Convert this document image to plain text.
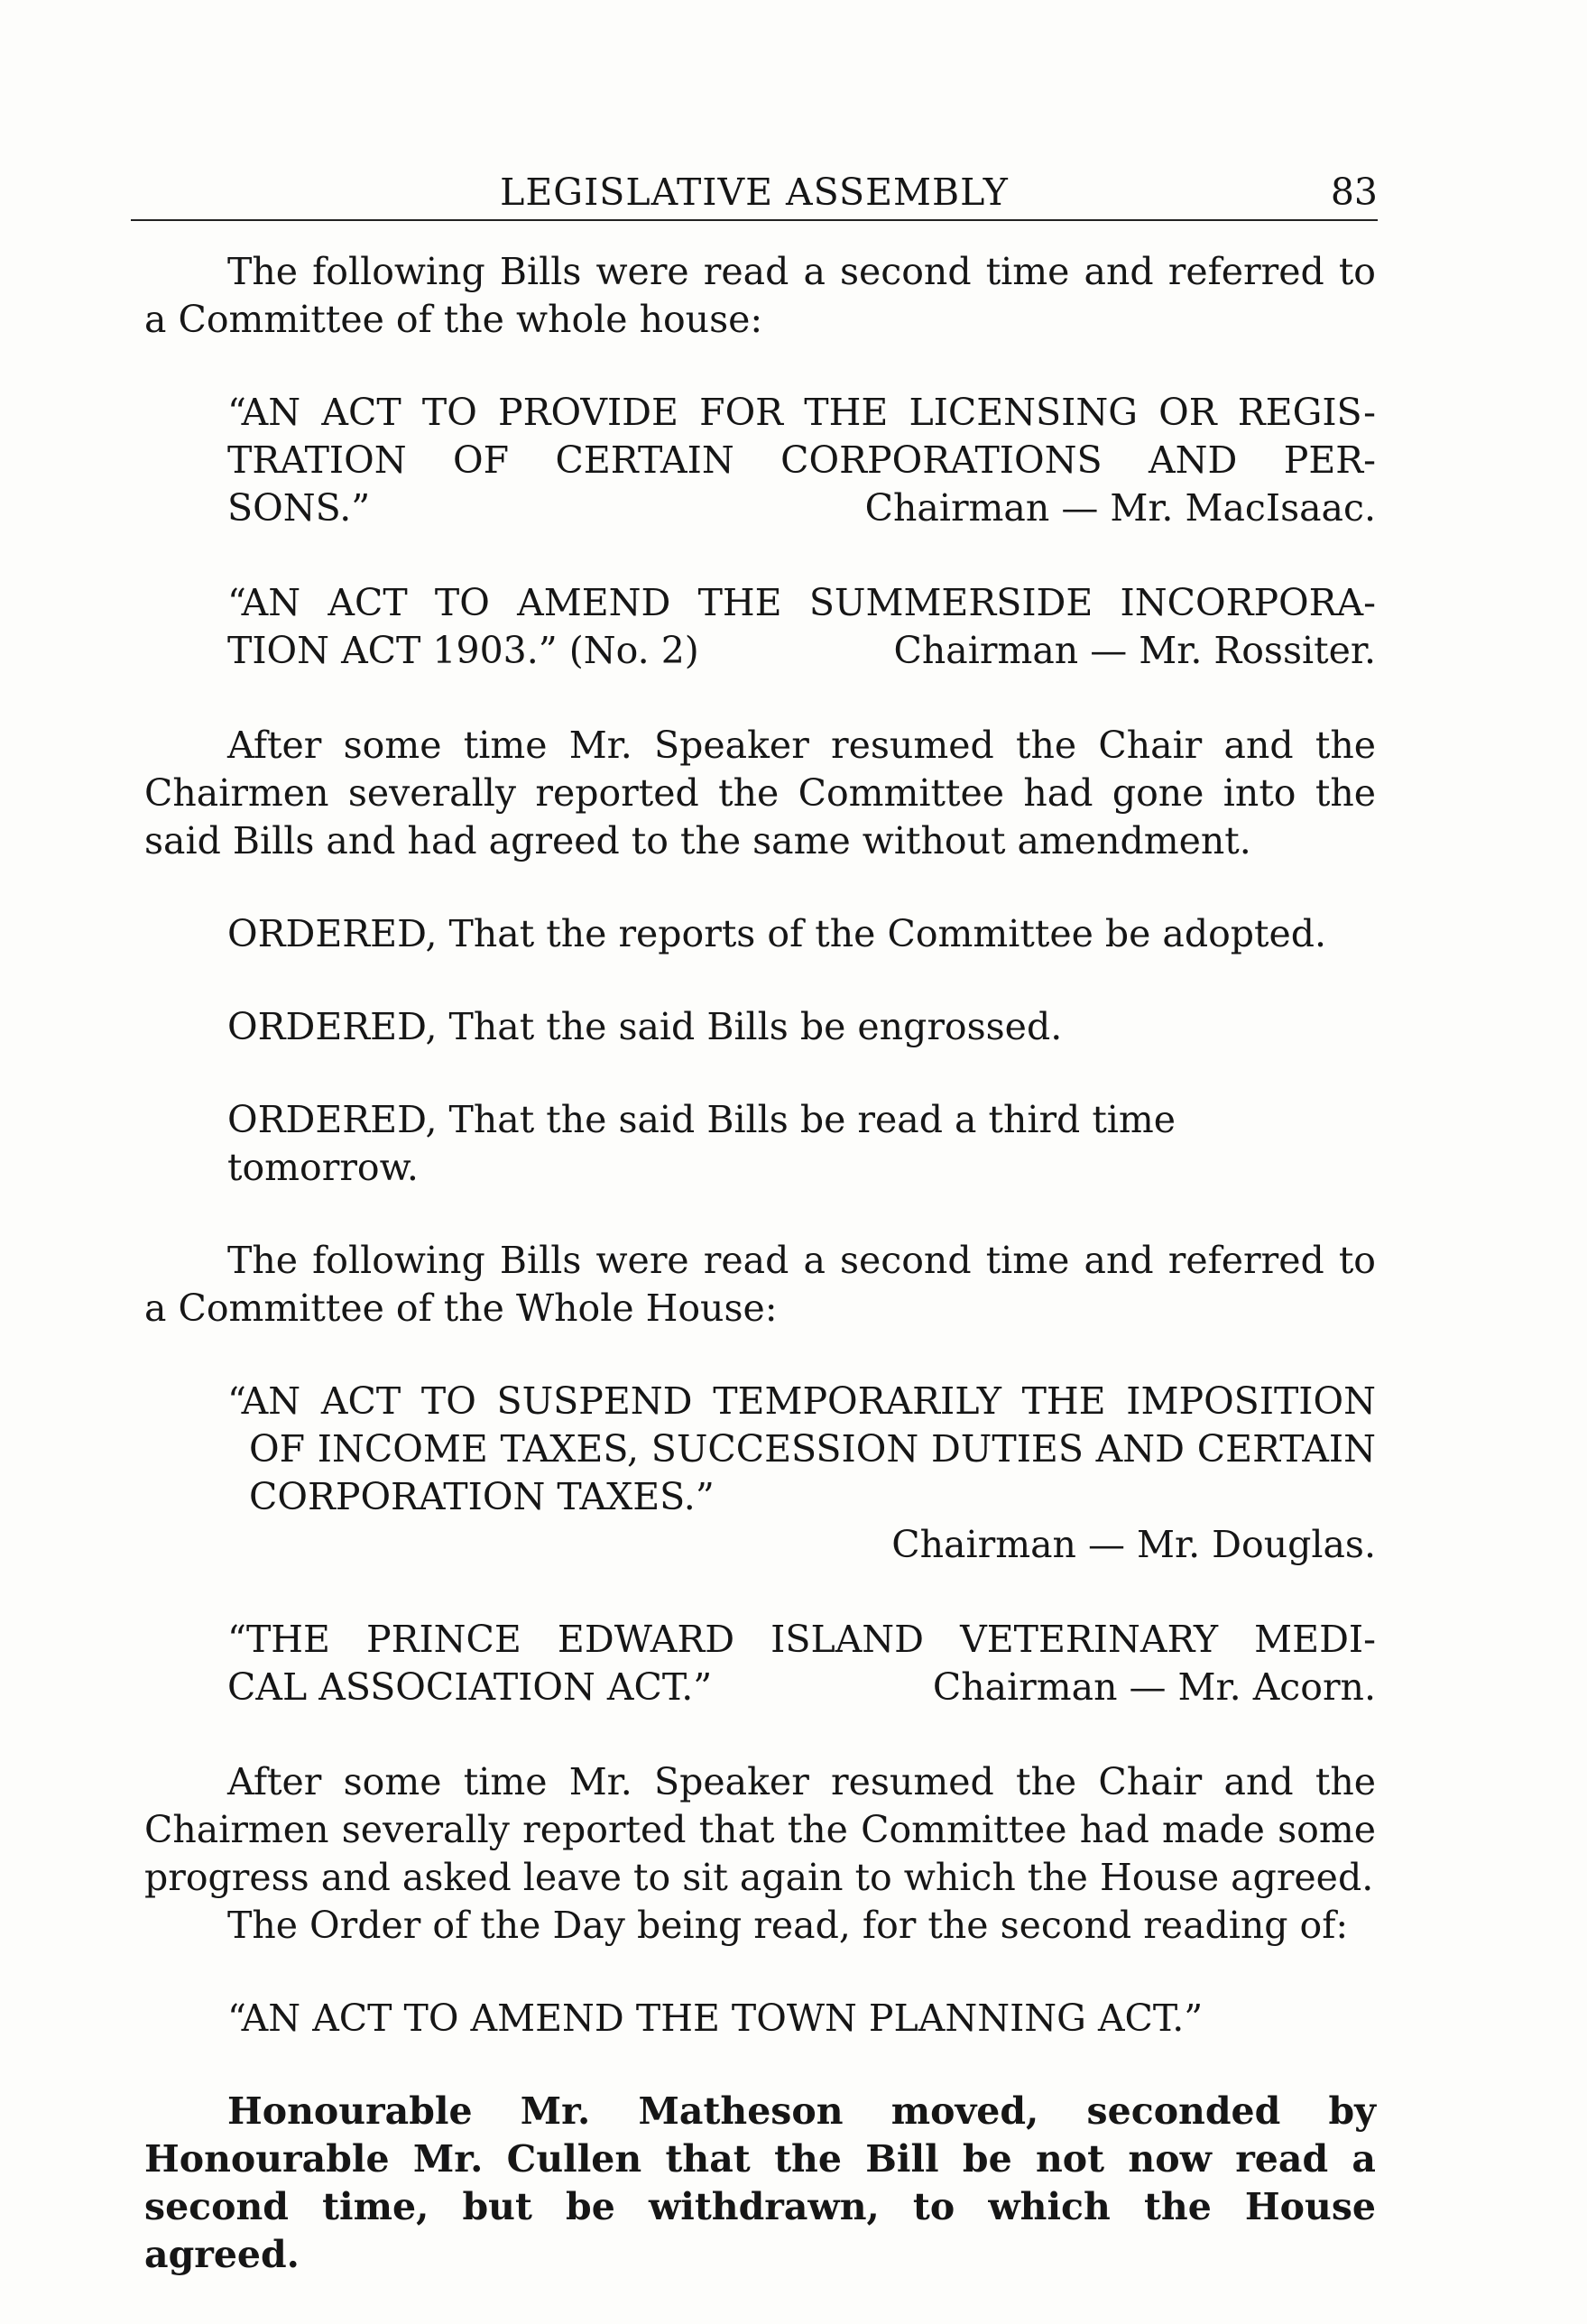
LEGISLATIVE ASSEMBLY	83

The following Bills were read a second time and referred to a Committee of the whole house:

“AN ACT TO PROVIDE FOR THE LICENSING OR REGIS-
TRATION OF CERTAIN CORPORATIONS AND PER-
SONS.”	Chairman — Mr. MacIsaac.
“AN ACT TO AMEND THE SUMMERSIDE INCORPORA-
TION ACT 1903.” (No. 2)	Chairman — Mr. Rossiter.

After some time Mr. Speaker resumed the Chair and the Chairmen severally reported the Committee had gone into the said Bills and had agreed to the same without amendment.

ORDERED, That the reports of the Committee be adopted.

ORDERED, That the said Bills be engrossed.

ORDERED, That the said Bills be read a third time tomorrow.

The following Bills were read a second time and referred to a Committee of the Whole House:

“AN ACT TO SUSPEND TEMPORARILY THE IMPOSITION OF INCOME TAXES, SUCCESSION DUTIES AND CERTAIN CORPORATION TAXES.”
Chairman — Mr. Douglas.
“THE PRINCE EDWARD ISLAND VETERINARY MEDI-
CAL ASSOCIATION ACT.”	Chairman — Mr. Acorn.

After some time Mr. Speaker resumed the Chair and the Chairmen severally reported that the Committee had made some progress and asked leave to sit again to which the House agreed.

The Order of the Day being read, for the second reading of:

“AN ACT TO AMEND THE TOWN PLANNING ACT.”

Honourable Mr. Matheson moved, seconded by Honourable Mr. Cullen that the Bill be not now read a second time, but be withdrawn, to which the House agreed.
